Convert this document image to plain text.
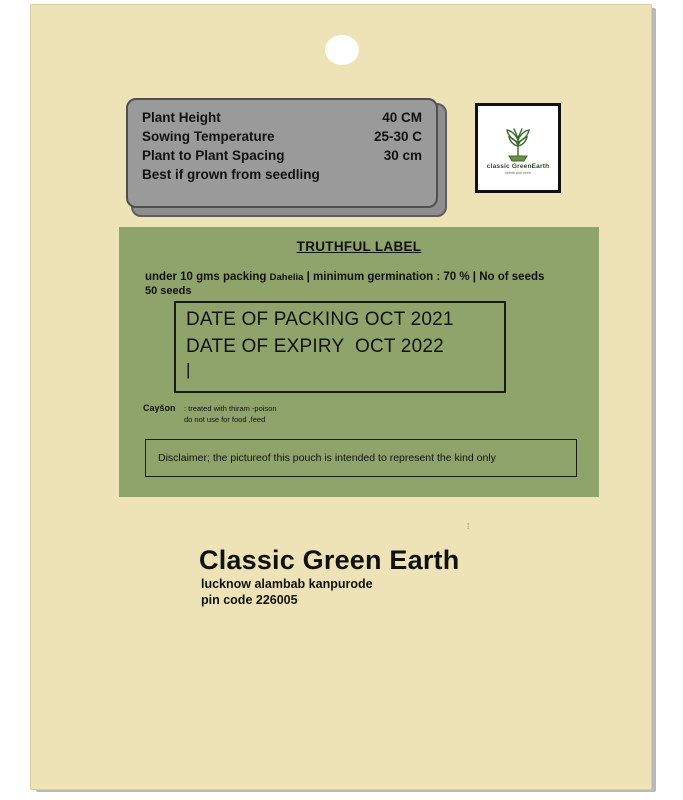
Plant Height	40 CM
Sowing Temperature	25-30 C
Plant to Plant Spacing	30 cm
Best if grown from seedling
classic GreenEarth
seeds and more
TRUTHFUL LABEL
under 10 gms packing Dahelia | minimum germination : 70 % | No of seeds
50 seeds
DATE OF PACKING OCT 2021
DATE OF EXPIRY  OCT 2022
|
Cayšon : treated with thiram -poison
do not use for food ,feed
Disclaimer; the pictureof this pouch is intended to represent the kind only
⁞
Classic Green Earth
lucknow alambab kanpurode
pin code 226005
